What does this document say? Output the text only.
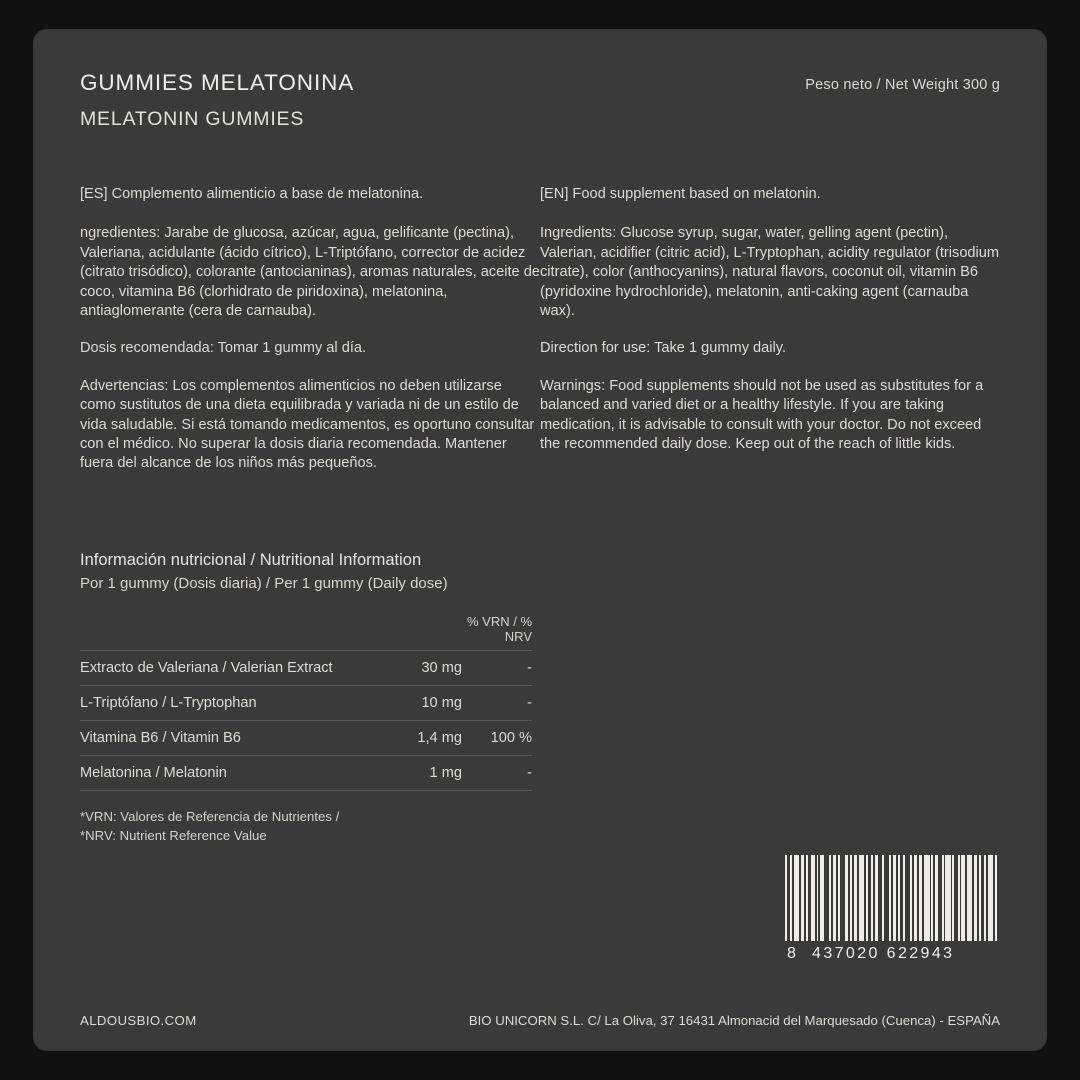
GUMMIES MELATONINA
MELATONIN GUMMIES
Peso neto / Net Weight 300 g

[ES] Complemento alimenticio a base de melatonina.

ngredientes: Jarabe de glucosa, azúcar, agua, gelificante (pectina), Valeriana, acidulante (ácido cítrico), L-Triptófano, corrector de acidez (citrato trisódico), colorante (antocianinas), aromas naturales, aceite de coco, vitamina B6 (clorhidrato de piridoxina), melatonina, antiaglomerante (cera de carnauba).

Dosis recomendada: Tomar 1 gummy al día.

Advertencias: Los complementos alimenticios no deben utilizarse como sustitutos de una dieta equilibrada y variada ni de un estilo de vida saludable. Si está tomando medicamentos, es oportuno consultar con el médico. No superar la dosis diaria recomendada. Mantener fuera del alcance de los niños más pequeños.

[EN] Food supplement based on melatonin.

Ingredients: Glucose syrup, sugar, water, gelling agent (pectin), Valerian, acidifier (citric acid), L-Tryptophan, acidity regulator (trisodium citrate), color (anthocyanins), natural flavors, coconut oil, vitamin B6 (pyridoxine hydrochloride), melatonin, anti-caking agent (carnauba wax).

Direction for use: Take 1 gummy daily.

Warnings: Food supplements should not be used as substitutes for a balanced and varied diet or a healthy lifestyle. If you are taking medication, it is advisable to consult with your doctor. Do not exceed the recommended daily dose. Keep out of the reach of little kids.

Información nutricional / Nutritional Information
Por 1 gummy (Dosis diaria) / Per 1 gummy (Daily dose)
		% VRN / % NRV
Extracto de Valeriana / Valerian Extract	30 mg	-
L-Triptófano / L-Tryptophan	10 mg	-
Vitamina B6 / Vitamin B6	1,4 mg	100 %
Melatonina / Melatonin	1 mg	-
*VRN: Valores de Referencia de Nutrientes /
*NRV: Nutrient Reference Value
8 437020 622943
ALDOUSBIO.COM	BIO UNICORN S.L. C/ La Oliva, 37 16431 Almonacid del Marquesado (Cuenca) - ESPAÑA
